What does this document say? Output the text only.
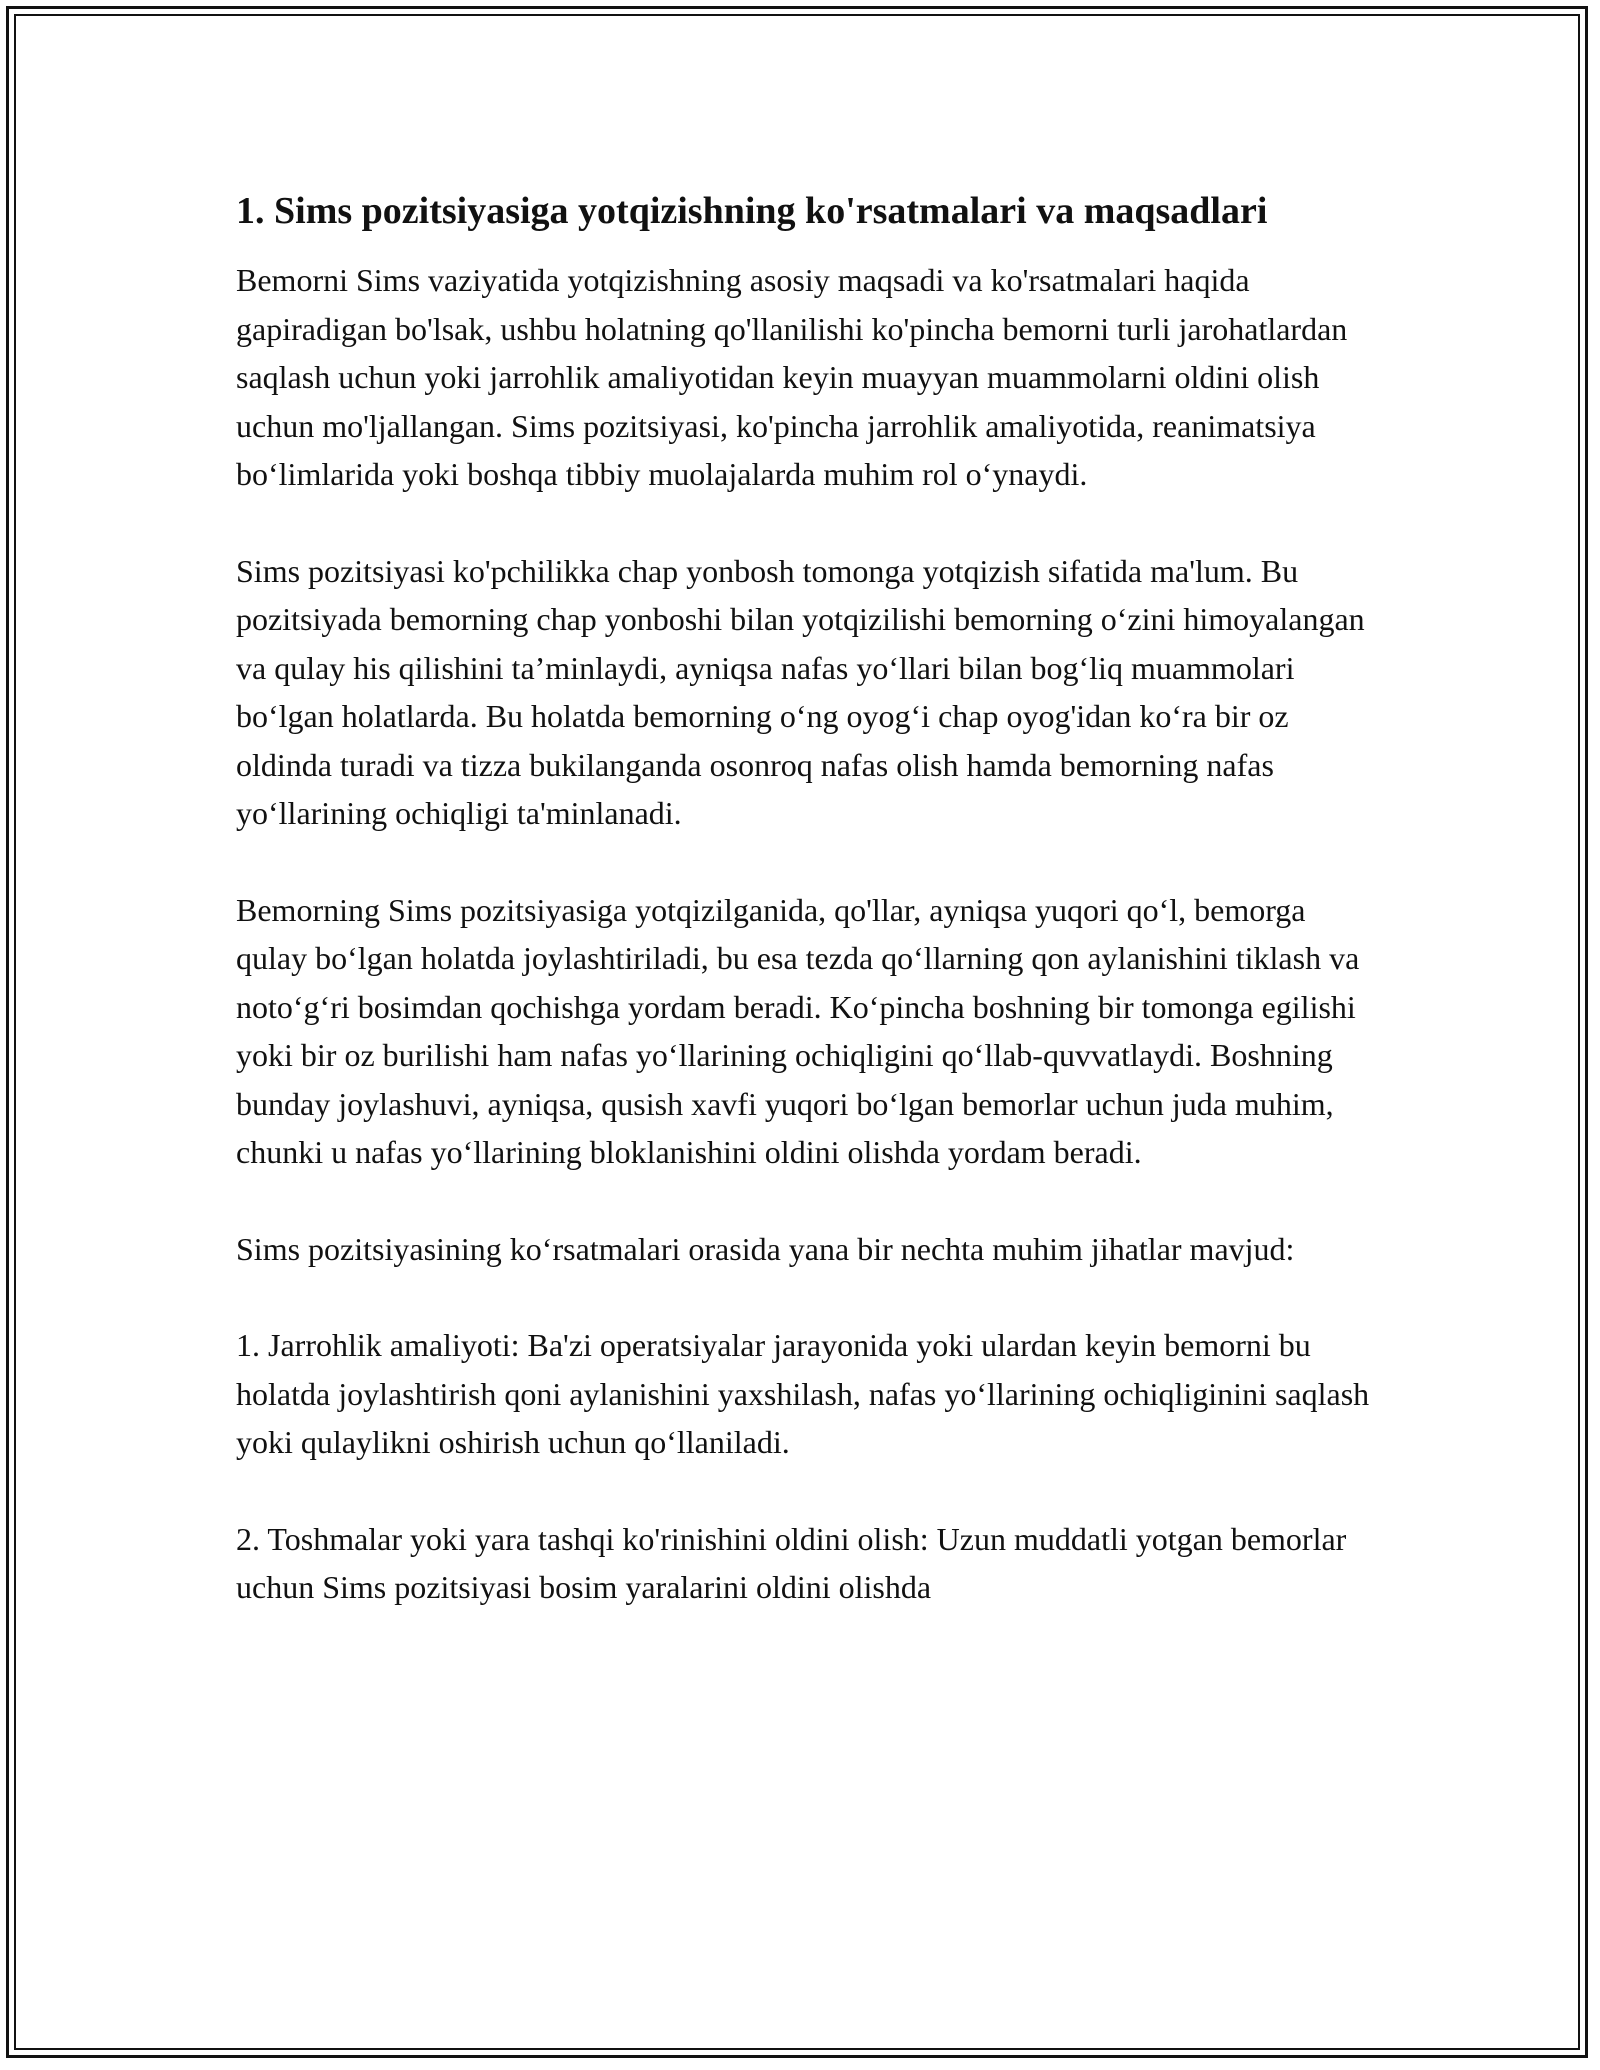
1. Sims pozitsiyasiga yotqizishning ko'rsatmalari va maqsadlari

Bemorni Sims vaziyatida yotqizishning asosiy maqsadi va ko'rsatmalari haqida gapiradigan bo'lsak, ushbu holatning qo'llanilishi ko'pincha bemorni turli jarohatlardan saqlash uchun yoki jarrohlik amaliyotidan keyin muayyan muammolarni oldini olish uchun mo'ljallangan. Sims pozitsiyasi, ko'pincha jarrohlik amaliyotida, reanimatsiya bo‘limlarida yoki boshqa tibbiy muolajalarda muhim rol o‘ynaydi.

Sims pozitsiyasi ko'pchilikka chap yonbosh tomonga yotqizish sifatida ma'lum. Bu pozitsiyada bemorning chap yonboshi bilan yotqizilishi bemorning o‘zini himoyalangan va qulay his qilishini ta’minlaydi, ayniqsa nafas yo‘llari bilan bog‘liq muammolari bo‘lgan holatlarda. Bu holatda bemorning o‘ng oyog‘i chap oyog'idan ko‘ra bir oz oldinda turadi va tizza bukilanganda osonroq nafas olish hamda bemorning nafas yo‘llarining ochiqligi ta'minlanadi.

Bemorning Sims pozitsiyasiga yotqizilganida, qo'llar, ayniqsa yuqori qo‘l, bemorga qulay bo‘lgan holatda joylashtiriladi, bu esa tezda qo‘llarning qon aylanishini tiklash va noto‘g‘ri bosimdan qochishga yordam beradi. Ko‘pincha boshning bir tomonga egilishi yoki bir oz burilishi ham nafas yo‘llarining ochiqligini qo‘llab-quvvatlaydi. Boshning bunday joylashuvi, ayniqsa, qusish xavfi yuqori bo‘lgan bemorlar uchun juda muhim, chunki u nafas yo‘llarining bloklanishini oldini olishda yordam beradi.

Sims pozitsiyasining ko‘rsatmalari orasida yana bir nechta muhim jihatlar mavjud:

1. Jarrohlik amaliyoti: Ba'zi operatsiyalar jarayonida yoki ulardan keyin bemorni bu holatda joylashtirish qoni aylanishini yaxshilash, nafas yo‘llarining ochiqliginini saqlash yoki qulaylikni oshirish uchun qo‘llaniladi.

2. Toshmalar yoki yara tashqi ko'rinishini oldini olish: Uzun muddatli yotgan bemorlar uchun Sims pozitsiyasi bosim yaralarini oldini olishda
